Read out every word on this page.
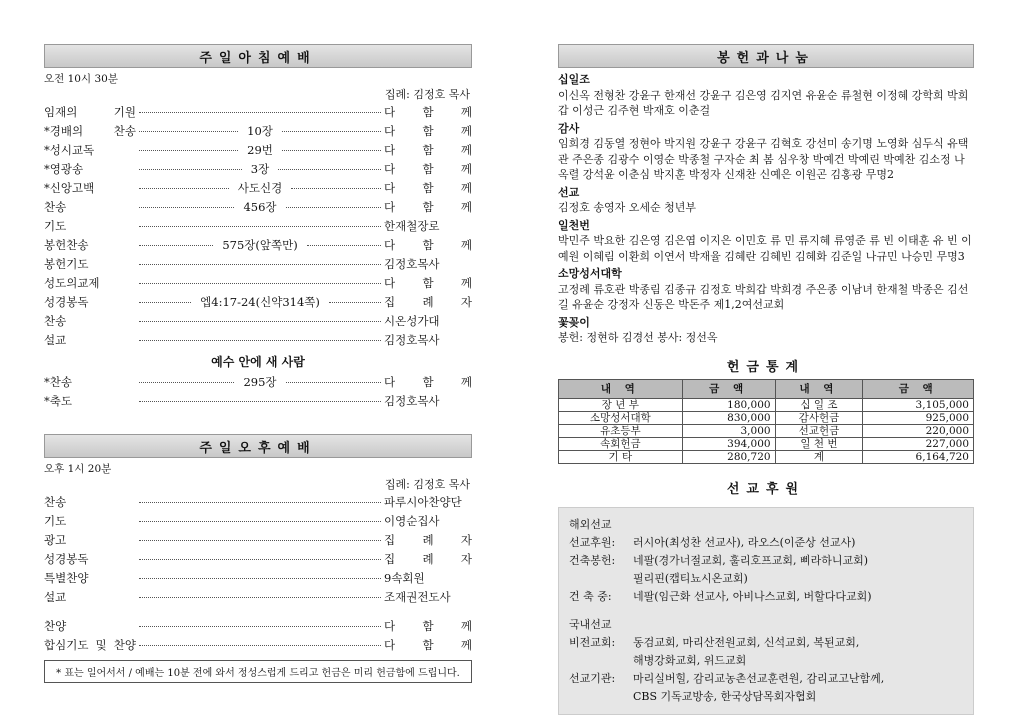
주일아침예배
오전 10시 30분
집례: 김정호 목사
임재의 기원	다 함 께
*경배의 찬송	10장	다 함 께
*성시교독	29번	다 함 께
*영광송	3장	다 함 께
*신앙고백	사도신경	다 함 께
찬송	456장	다 함 께
기도	한재철장로
봉헌찬송	575장(앞쪽만)	다 함 께
봉헌기도	김정호목사
성도의교제	다 함 께
성경봉독	엡4:17-24(신약314쪽)	집 례 자
찬송	시온성가대
설교	김정호목사
예수 안에 새 사람
*찬송	295장	다 함 께
*축도	김정호목사
주일오후예배
오후 1시 20분
집례: 김정호 목사
찬송	파루시아찬양단
기도	이영순집사
광고	집 례 자
성경봉독	집 례 자
특별찬양	9속회원
설교	조재권전도사
찬양	다 함 께
합심기도 및 찬양	다 함 께
* 표는 일어서서 / 예배는 10분 전에 와서 정성스럽게 드리고 헌금은 미리 헌금함에 드립니다.
봉헌과나눔
십일조
이신옥 전형찬 강윤구 한재선 강윤구 김은영 김지연 유윤순 류철현 이정혜 강학희 박희갑 이성근 김주현 박재호 이춘걸
감사
임희경 김동열 정현아 박지원 강윤구 강윤구 김혁호 강선미 송기명 노영화 심두식 유택관 주은종 김광수 이영순 박종철 구자순 최 봄 심우창 박예건 박예린 박예찬 김소정 나옥렬 강석윤 이춘심 박지훈 박정자 신재찬 신예은 이원곤 김홍광 무명2
선교
김정호 송영자 오세순 청년부
일천번
박민주 박요한 김은영 김은엽 이지은 이민호 류 민 류지혜 류영준 류 빈 이태훈 유 빈 이예원 이혜림 이환희 이연서 박재율 김혜란 김혜빈 김혜화 김준일 나규민 나승민 무명3
소망성서대학
고정례 류호관 박종림 김종규 김정호 박희갑 박희경 주은종 이남녀 한재철 박종은 김선길 유윤순 강정자 신동은 박돈주 제1,2여선교회
꽃꽂이
봉헌: 정현하 김경선 봉사: 정선옥
헌금통계
내 역	금 액	내 역	금 액
장 년 부	180,000	십 일 조	3,105,000
소망성서대학	830,000	감사헌금	925,000
유초등부	3,000	선교헌금	220,000
속회헌금	394,000	일 천 번	227,000
기 타	280,720	계	6,164,720
선교후원
해외선교
선교후원:	러시아(최성찬 선교사), 라오스(이준상 선교사)
건축봉헌:	네팔(경가너절교회, 훌리호프교회, 삐라하니교회)
필리핀(캡티뇨시온교회)
건 축 중:	네팔(임근화 선교사, 아비나스교회, 버할다다교회)
국내선교
비전교회:	동검교회, 마리산전원교회, 신석교회, 복된교회,
해병강화교회, 위드교회
선교기관:	마리실버힐, 감리교농촌선교훈련원, 감리교고난함께,
CBS 기독교방송, 한국상담목회자협회
